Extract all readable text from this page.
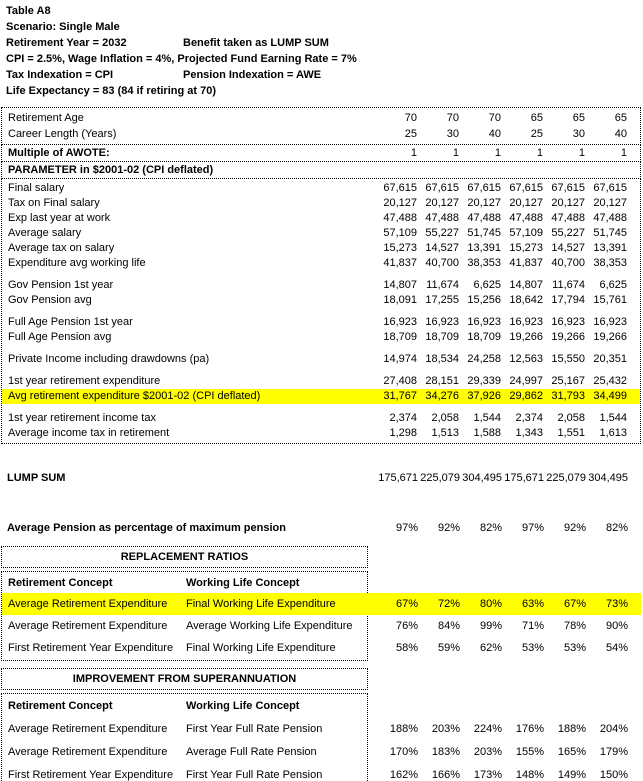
Table A8
Scenario: Single Male
Retirement Year = 2032	Benefit taken as LUMP SUM
CPI = 2.5%, Wage Inflation = 4%, Projected Fund Earning Rate = 7%
Tax Indexation = CPI	Pension Indexation = AWE
Life Expectancy = 83 (84 if retiring at 70)
Retirement Age	70	70	70	65	65	65
Career Length (Years)	25	30	40	25	30	40
Multiple of AWOTE:	1	1	1	1	1	1
PARAMETER in $2001-02 (CPI deflated)
Final salary	67,615 67,615 67,615 67,615 67,615 67,615
Tax on Final salary	20,127 20,127 20,127 20,127 20,127 20,127
Exp last year at work	47,488 47,488 47,488 47,488 47,488 47,488
Average salary	57,109 55,227 51,745 57,109 55,227 51,745
Average tax on salary	15,273 14,527 13,391 15,273 14,527 13,391
Expenditure avg working life	41,837 40,700 38,353 41,837 40,700 38,353
Gov Pension 1st year	14,807 11,674	6,625 14,807 11,674	6,625
Gov Pension avg	18,091 17,255 15,256 18,642 17,794 15,761
Full Age Pension 1st year	16,923 16,923 16,923 16,923 16,923 16,923
Full Age Pension avg	18,709 18,709 18,709 19,266 19,266 19,266
Private Income including drawdowns (pa)	14,974 18,534 24,258 12,563 15,550 20,351
1st year retirement expenditure	27,408 28,151 29,339 24,997 25,167 25,432
Avg retirement expenditure $2001-02 (CPI deflated)	31,767 34,276 37,926 29,862 31,793 34,499
1st year retirement income tax	2,374	2,058	1,544	2,374	2,058	1,544
Average income tax in retirement	1,298	1,513	1,588	1,343	1,551	1,613
LUMP SUM	175,671 225,079 304,495 175,671 225,079 304,495
Average Pension as percentage of maximum pension	97%	92%	82%	97%	92%	82%
REPLACEMENT RATIOS
Retirement Concept	Working Life Concept
Average Retirement Expenditure	Final Working Life Expenditure	67%	72%	80%	63%	67%	73%
Average Retirement Expenditure	Average Working Life Expenditure	76%	84%	99%	71%	78%	90%
First Retirement Year Expenditure	Final Working Life Expenditure	58%	59%	62%	53%	53%	54%
IMPROVEMENT FROM SUPERANNUATION
Retirement Concept	Working Life Concept
Average Retirement Expenditure	First Year Full Rate Pension	188%	203%	224%	176%	188%	204%
Average Retirement Expenditure	Average Full Rate Pension	170%	183%	203%	155%	165%	179%
First Retirement Year Expenditure	First Year Full Rate Pension	162%	166%	173%	148%	149%	150%
